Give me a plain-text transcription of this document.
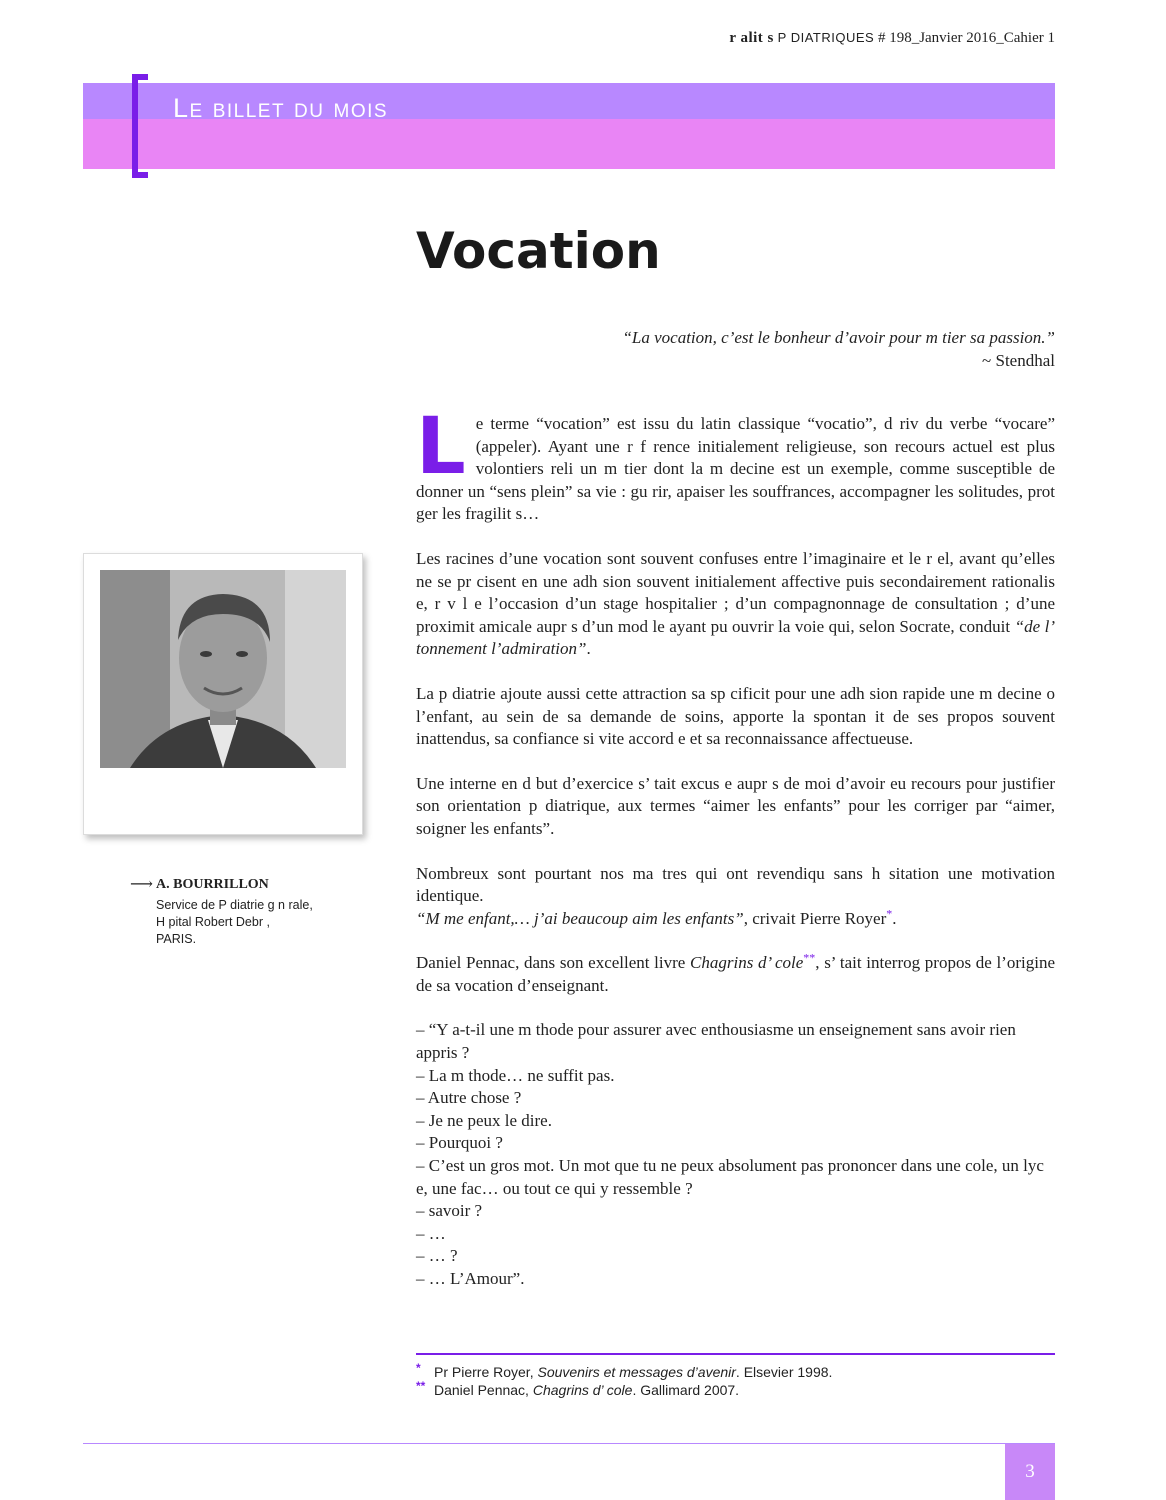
r alit s P DIATRIQUES # 198_Janvier 2016_Cahier 1
Le billet du mois
Vocation
“La vocation, c’est le bonheur d’avoir pour m tier sa passion.”
~ Stendhal
⟶ A. BOURRILLON
Service de P diatrie g n rale,
H pital Robert Debr ,
PARIS.

Le terme “vocation” est issu du latin classique “vocatio”, d riv du verbe “vocare” (appeler). Ayant une r f rence initialement religieuse, son recours actuel est plus volontiers reli un m tier dont la m decine est un exemple, comme susceptible de donner un “sens plein” sa vie : gu rir, apaiser les souffrances, accompagner les solitudes, prot ger les fragilit s…

Les racines d’une vocation sont souvent confuses entre l’imaginaire et le r el, avant qu’elles ne se pr cisent en une adh sion souvent initialement affective puis secondairement rationalis e, r v l e l’occasion d’un stage hospitalier ; d’un compagnonnage de consultation ; d’une proximit amicale aupr s d’un mod le ayant pu ouvrir la voie qui, selon Socrate, conduit “de l’ tonnement l’admiration”.

La p diatrie ajoute aussi cette attraction sa sp cificit pour une adh sion rapide une m decine o l’enfant, au sein de sa demande de soins, apporte la spontan it de ses propos souvent inattendus, sa confiance si vite accord e et sa reconnaissance affectueuse.

Une interne en d but d’exercice s’ tait excus e aupr s de moi d’avoir eu recours pour justifier son orientation p diatrique, aux termes “aimer les enfants” pour les corriger par “aimer, soigner les enfants”.

Nombreux sont pourtant nos ma tres qui ont revendiqu sans h sitation une motivation identique.
“M me enfant,… j’ai beaucoup aim les enfants”, crivait Pierre Royer*.

Daniel Pennac, dans son excellent livre Chagrins d’ cole**, s’ tait interrog propos de l’origine de sa vocation d’enseignant.

– “Y a-t-il une m thode pour assurer avec enthousiasme un enseignement sans avoir rien appris ?
– La m thode… ne suffit pas.
– Autre chose ?
– Je ne peux le dire.
– Pourquoi ?
– C’est un gros mot. Un mot que tu ne peux absolument pas prononcer dans une cole, un lyc e, une fac… ou tout ce qui y ressemble ?
– savoir ?
– …
– … ?
– … L’Amour”.
* Pr Pierre Royer, Souvenirs et messages d’avenir. Elsevier 1998.
** Daniel Pennac, Chagrins d’ cole. Gallimard 2007.
3
